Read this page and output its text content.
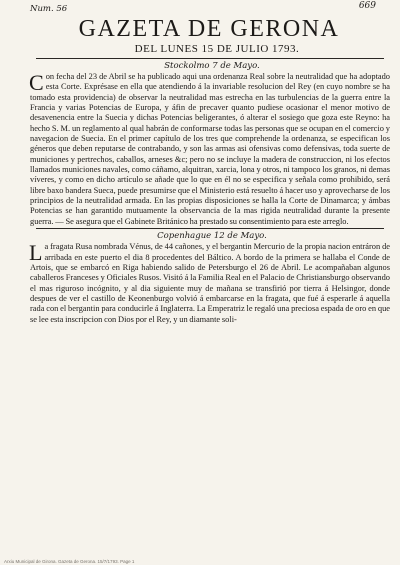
Num. 56	669
GAZETA DE GERONA
DEL LUNES 15 DE JULIO 1793.
Stockolmo 7 de Mayo.

Con fecha del 23 de Abril se ha publicado aqui una ordenanza Real sobre la neutralidad que ha adoptado esta Corte. Exprésase en ella que atendiendo á la invariable resolucion del Rey (en cuyo nombre se ha tomado esta providencia) de observar la neutralidad mas estrecha en las turbulencias de la guerra entre la Francia y varias Potencias de Europa, y áfin de precaver quanto pudiese ocasionar el menor motivo de desavenencia entre la Suecia y dichas Potencias beligerantes, ó alterar el sosiego que goza este Reyno: ha hecho S. M. un reglamento al qual habrán de conformarse todas las personas que se ocupan en el comercio y navegacion de Suecia. En el primer capítulo de los tres que comprehende la ordenanza, se especifican los géneros que deben reputarse de contrabando, y son las armas asi ofensivas como defensivas, toda suerte de municiones y pertrechos, caballos, arneses &c; pero no se incluye la madera de construccion, ni los efectos llamados municiones navales, como cáñamo, alquitran, xarcia, lona y otros, ni tampoco los granos, ni demas víveres, y como en dicho artículo se añade que lo que en él no se especifica y señala como prohibido, será libre baxo bandera Sueca, puede presumirse que el Ministerio está resuelto á hacer uso y aprovecharse de los principios de la neutralidad armada. En las propias disposiciones se halla la Corte de Dinamarca; y ámbas Potencias se han garantido mutuamente la observancia de la mas rigida neutralidad durante la presente guerra. — Se asegura que el Gabinete Británico ha prestado su consentimiento para este arreglo.

Copenhague 12 de Mayo.

La fragata Rusa nombrada Vénus, de 44 cañones, y el bergantin Mercurio de la propia nacion entráron de arribada en este puerto el dia 8 procedentes del Báltico. A bordo de la primera se hallaba el Conde de Artois, que se embarcó en Riga habiendo salido de Petersburgo el 26 de Abril. Le acompañaban algunos caballeros Franceses y Oficiales Rusos. Visitó á la Familia Real en el Palacio de Christiansburgo observando el mas riguroso incógnito, y al dia siguiente muy de mañana se transfirió por tierra á Helsingor, donde despues de ver el castillo de Keonenburgo volvió á embarcarse en la fragata, que fué á esperarle á aquella rada con el bergantin para conducirle á Inglaterra. La Emperatriz le regaló una preciosa espada de oro en que se lee esta inscripcion con Dios por el Rey, y un diamante soli-

Arxiu Municipal de Girona. Gazeta de Gerona. 15/7/1793. Page 1
